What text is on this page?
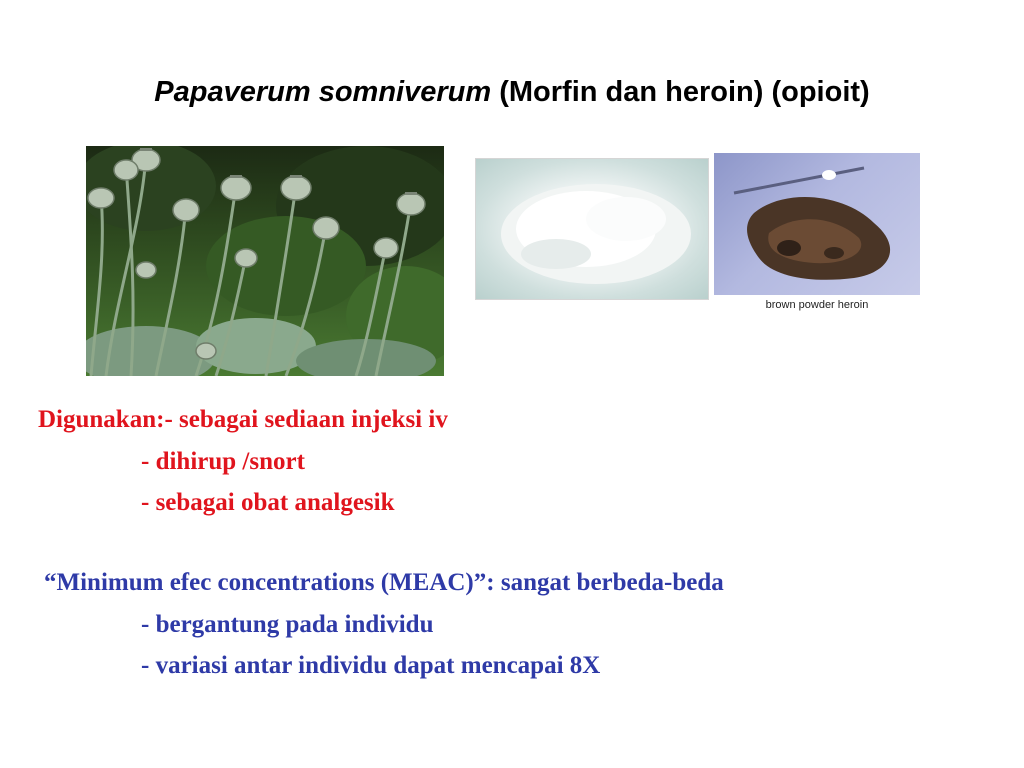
Papaverum somniverum (Morfin dan heroin) (opioit)
brown powder heroin
Digunakan:- sebagai sediaan injeksi iv
- dihirup /snort
- sebagai obat analgesik
“Minimum efec concentrations (MEAC)”: sangat berbeda-beda
- bergantung pada individu
- variasi antar individu dapat mencapai 8X
